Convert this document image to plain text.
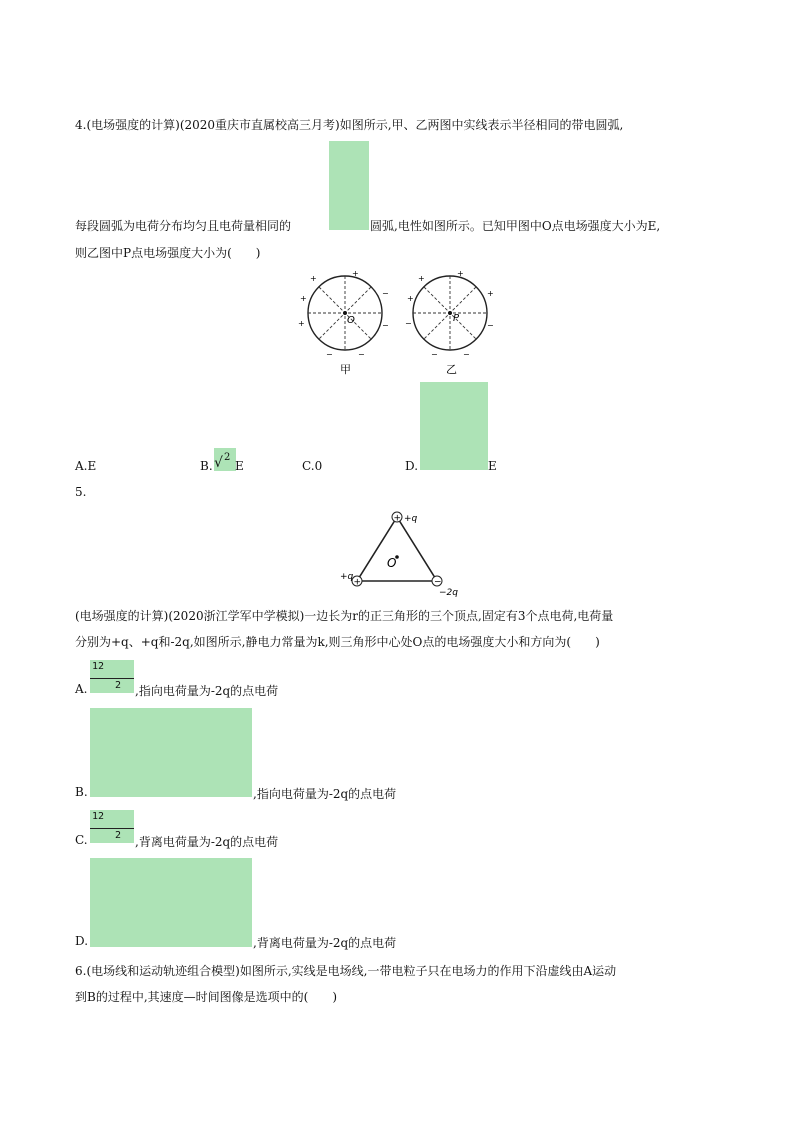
4.(电场强度的计算)(2020重庆市直属校高三月考)如图所示,甲、乙两图中实线表示半径相同的带电圆弧,
每段圆弧为电荷分布均匀且电荷量相同的	圆弧,电性如图所示。已知甲图中O点电场强度大小为E,
则乙图中P点电场强度大小为(　　)
O
+
+
+
+
−
−
−	−
甲
P
+
+
−
+
+
−
−	−
乙
A.E	B. √ 2
E	C.0	D.	E
5.
+
+	−
+q
+q
−2q
O
(电场强度的计算)(2020浙江学军中学模拟)一边长为r的正三角形的三个顶点,固定有3个点电荷,电荷量
分别为+q、+q和-2q,如图所示,静电力常量为k,则三角形中心处O点的电场强度大小和方向为(　　)
A.
12
2 ,指向电荷量为-2q的点电荷
B.	,指向电荷量为-2q的点电荷
C.
12
2 ,背离电荷量为-2q的点电荷
D.	,背离电荷量为-2q的点电荷
6.(电场线和运动轨迹组合模型)如图所示,实线是电场线,一带电粒子只在电场力的作用下沿虚线由A运动
到B的过程中,其速度—时间图像是选项中的(　　)
